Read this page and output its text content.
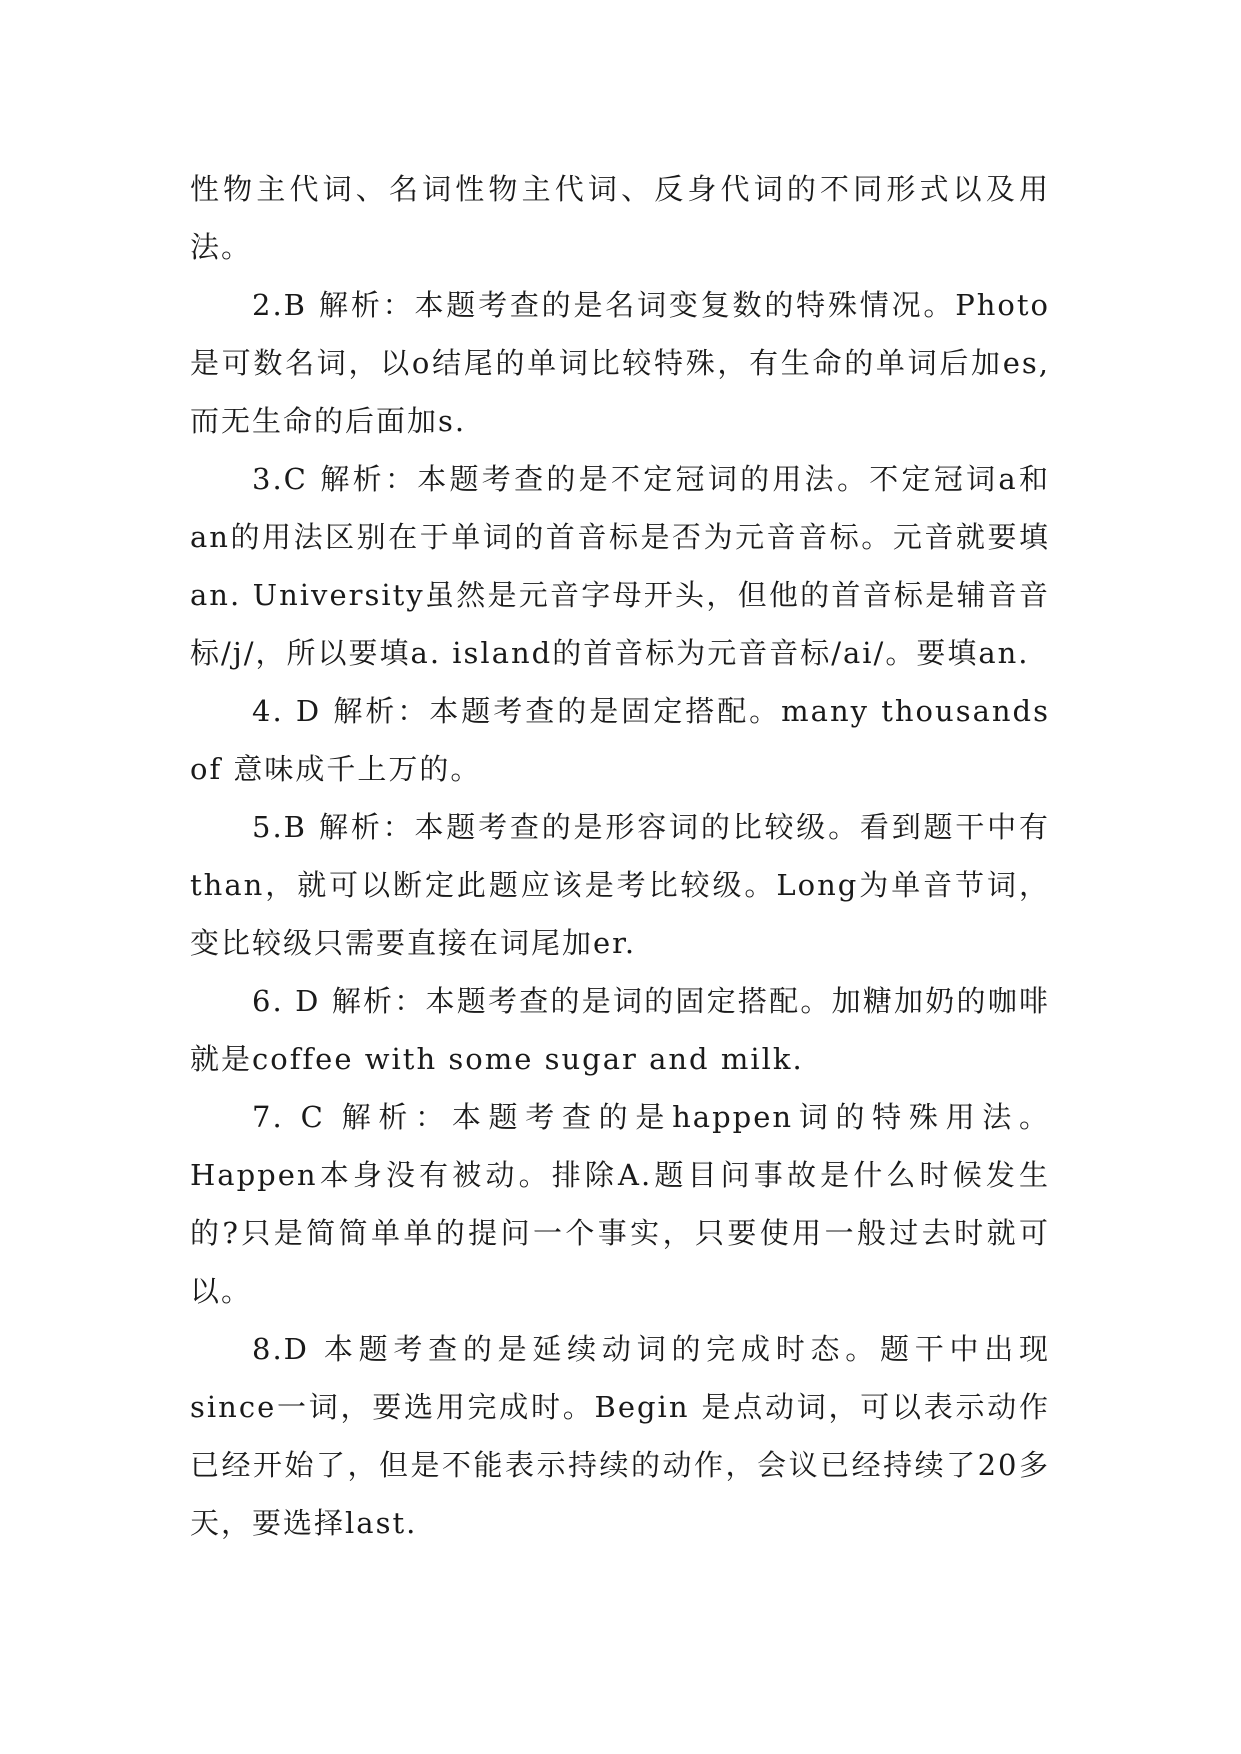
性物主代词、名词性物主代词、反身代词的不同形式以及用法。

2.B 解析：本题考查的是名词变复数的特殊情况。Photo是可数名词，以o结尾的单词比较特殊，有生命的单词后加es,而无生命的后面加s.

3.C 解析：本题考查的是不定冠词的用法。不定冠词a和an的用法区别在于单词的首音标是否为元音音标。元音就要填an. University虽然是元音字母开头，但他的首音标是辅音音标/j/，所以要填a. island的首音标为元音音标/ai/。要填an.

4. D 解析：本题考查的是固定搭配。many thousands of 意味成千上万的。

5.B 解析：本题考查的是形容词的比较级。看到题干中有than，就可以断定此题应该是考比较级。Long为单音节词，变比较级只需要直接在词尾加er.

6. D 解析：本题考查的是词的固定搭配。加糖加奶的咖啡就是coffee with some sugar and milk.

7. C 解析：本题考查的是happen词的特殊用法。Happen本身没有被动。排除A.题目问事故是什么时候发生的?只是简简单单的提问一个事实，只要使用一般过去时就可以。

8.D 本题考查的是延续动词的完成时态。题干中出现since一词，要选用完成时。Begin 是点动词，可以表示动作已经开始了，但是不能表示持续的动作，会议已经持续了20多天，要选择last.
